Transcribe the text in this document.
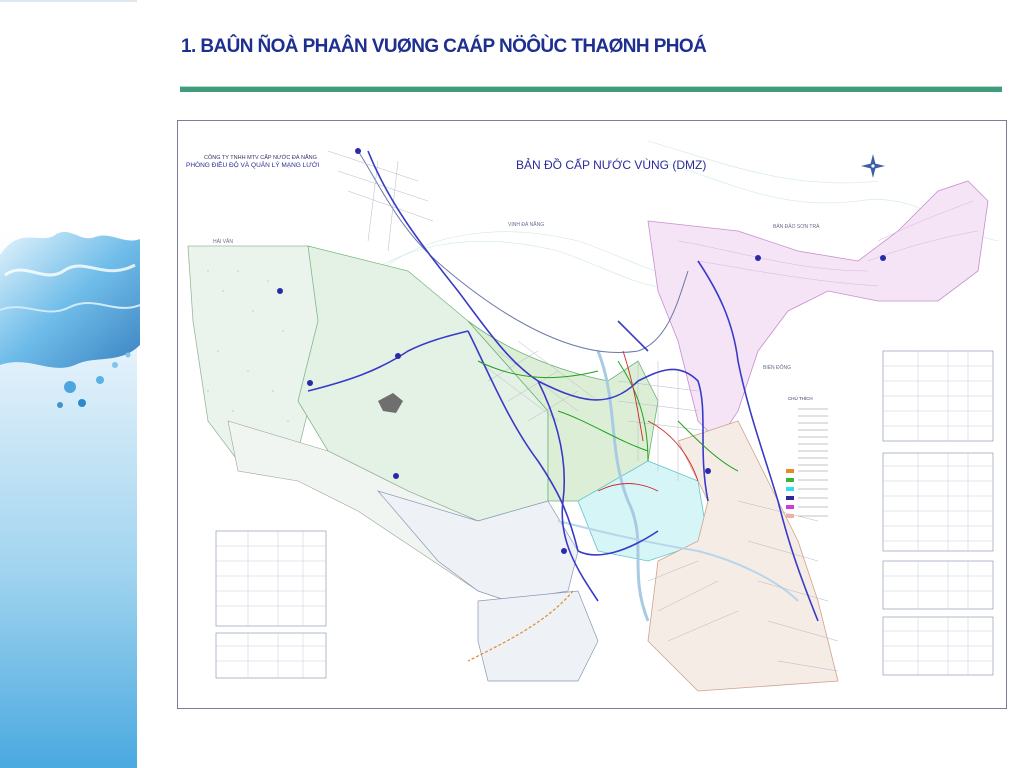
1. BAÛN ÑOÀ PHAÂN VUØNG CAÁP NÖÔÙC THAØNH PHOÁ
BẢN ĐỒ CẤP NƯỚC VÙNG (DMZ)
CÔNG TY TNHH MTV CẤP NƯỚC ĐÀ NẴNG
PHÒNG ĐIỀU ĐỘ VÀ QUẢN LÝ MẠNG LƯỚI
VỊNH ĐÀ NẴNG	BÁN ĐẢO SƠN TRÀ
BIỂN ĐÔNG
HẢI VÂN
CHÚ THÍCH
